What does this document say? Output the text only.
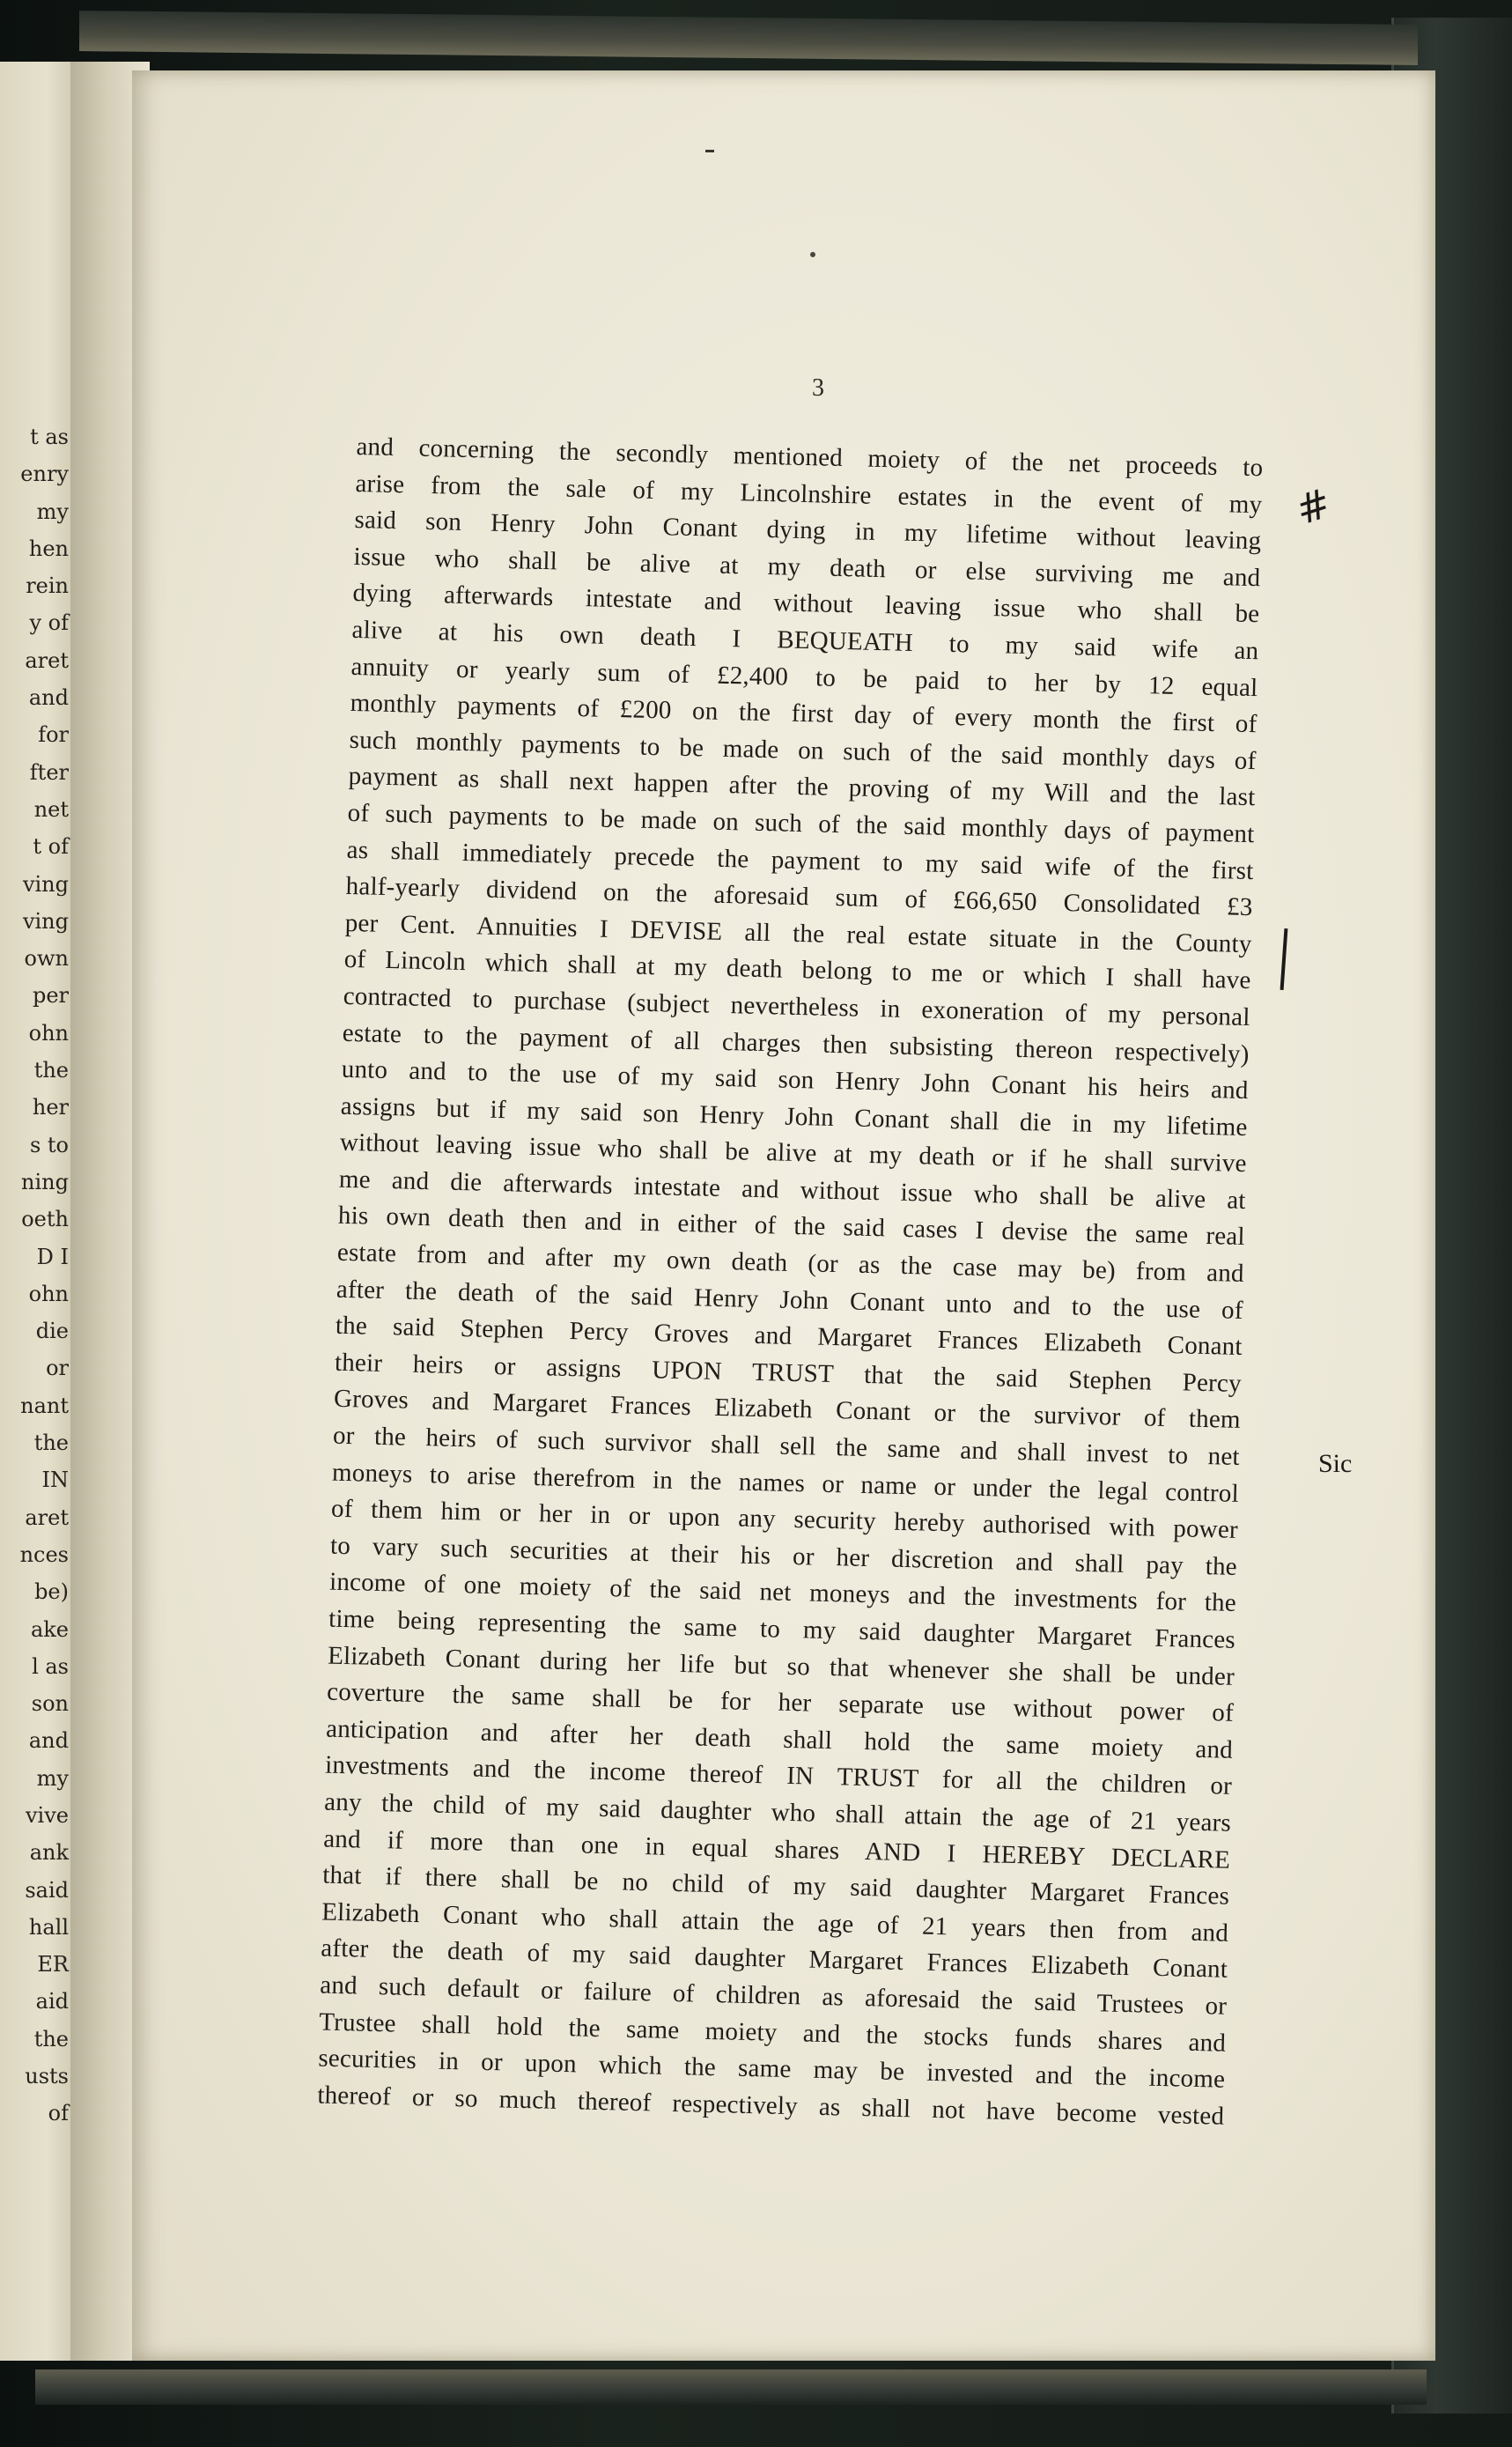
t as
enry
my
hen
rein
y of
aret
and
for
fter
net
t of
ving
ving
own
per
ohn
the
her
s to
ning
oeth
D I
ohn
die
or
nant
the
IN
aret
nces
be)
ake
l as
son
and
my
vive
ank
said
hall
ER
aid
the
usts
of
3
and concerning the secondly mentioned moiety of the net proceeds to
arise from the sale of my Lincolnshire estates in the event of my
said son Henry John Conant dying in my lifetime without leaving
issue who shall be alive at my death or else surviving me and
dying afterwards intestate and without leaving issue who shall be
alive at his own death I BEQUEATH to my said wife an
annuity or yearly sum of £2,400 to be paid to her by 12 equal
monthly payments of £200 on the first day of every month the first of
such monthly payments to be made on such of the said monthly days of
payment as shall next happen after the proving of my Will and the last
of such payments to be made on such of the said monthly days of payment
as shall immediately precede the payment to my said wife of the first
half-yearly dividend on the aforesaid sum of £66,650 Consolidated £3
per Cent. Annuities I DEVISE all the real estate situate in the County
of Lincoln which shall at my death belong to me or which I shall have
contracted to purchase (subject nevertheless in exoneration of my personal
estate to the payment of all charges then subsisting thereon respectively)
unto and to the use of my said son Henry John Conant his heirs and
assigns but if my said son Henry John Conant shall die in my lifetime
without leaving issue who shall be alive at my death or if he shall survive
me and die afterwards intestate and without issue who shall be alive at
his own death then and in either of the said cases I devise the same real
estate from and after my own death (or as the case may be) from and
after the death of the said Henry John Conant unto and to the use of
the said Stephen Percy Groves and Margaret Frances Elizabeth Conant
their heirs or assigns UPON TRUST that the said Stephen Percy
Groves and Margaret Frances Elizabeth Conant or the survivor of them
or the heirs of such survivor shall sell the same and shall invest to net
moneys to arise therefrom in the names or name or under the legal control
of them him or her in or upon any security hereby authorised with power
to vary such securities at their his or her discretion and shall pay the
income of one moiety of the said net moneys and the investments for the
time being representing the same to my said daughter Margaret Frances
Elizabeth Conant during her life but so that whenever she shall be under
coverture the same shall be for her separate use without power of
anticipation and after her death shall hold the same moiety and
investments and the income thereof IN TRUST for all the children or
any the child of my said daughter who shall attain the age of 21 years
and if more than one in equal shares AND I HEREBY DECLARE
that if there shall be no child of my said daughter Margaret Frances
Elizabeth Conant who shall attain the age of 21 years then from and
after the death of my said daughter Margaret Frances Elizabeth Conant
and such default or failure of children as aforesaid the said Trustees or
Trustee shall hold the same moiety and the stocks funds shares and
securities in or upon which the same may be invested and the income
thereof or so much thereof respectively as shall not have become vested
#
Sic
